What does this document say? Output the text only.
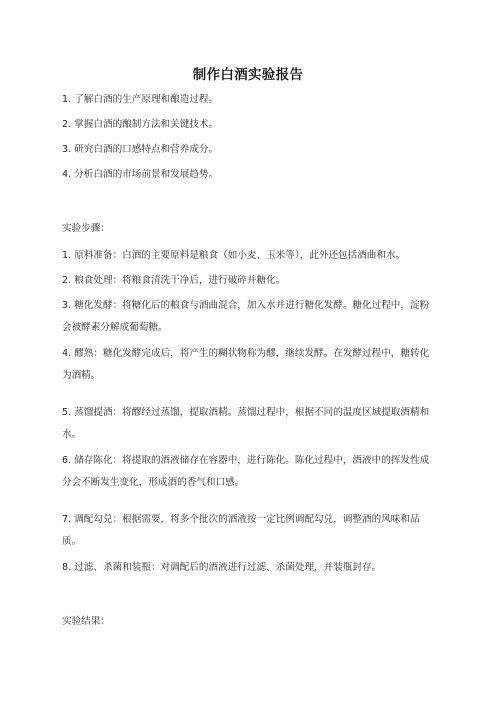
制作白酒实验报告

1. 了解白酒的生产原理和酿造过程。

2. 掌握白酒的酿制方法和关键技术。

3. 研究白酒的口感特点和营养成分。

4. 分析白酒的市场前景和发展趋势。

实验步骤：

1. 原料准备：白酒的主要原料是粮食（如小麦、玉米等），此外还包括酒曲和水。

2. 粮食处理：将粮食清洗干净后，进行破碎并糖化。

3. 糖化发酵：将糖化后的粮食与酒曲混合，加入水并进行糖化发酵。糖化过程中，淀粉会被酵素分解成葡萄糖。

4. 醪熟：糖化发酵完成后，将产生的糊状物称为醪，继续发酵。在发酵过程中，糖转化为酒精。

5. 蒸馏提酒：将醪经过蒸馏，提取酒精。蒸馏过程中，根据不同的温度区域提取酒精和水。

6. 储存陈化：将提取的酒液储存在容器中，进行陈化。陈化过程中，酒液中的挥发性成分会不断发生变化，形成酒的香气和口感。

7. 调配勾兑：根据需要，将多个批次的酒液按一定比例调配勾兑，调整酒的风味和品质。

8. 过滤、杀菌和装瓶：对调配后的酒液进行过滤、杀菌处理，并装瓶封存。

实验结果：
